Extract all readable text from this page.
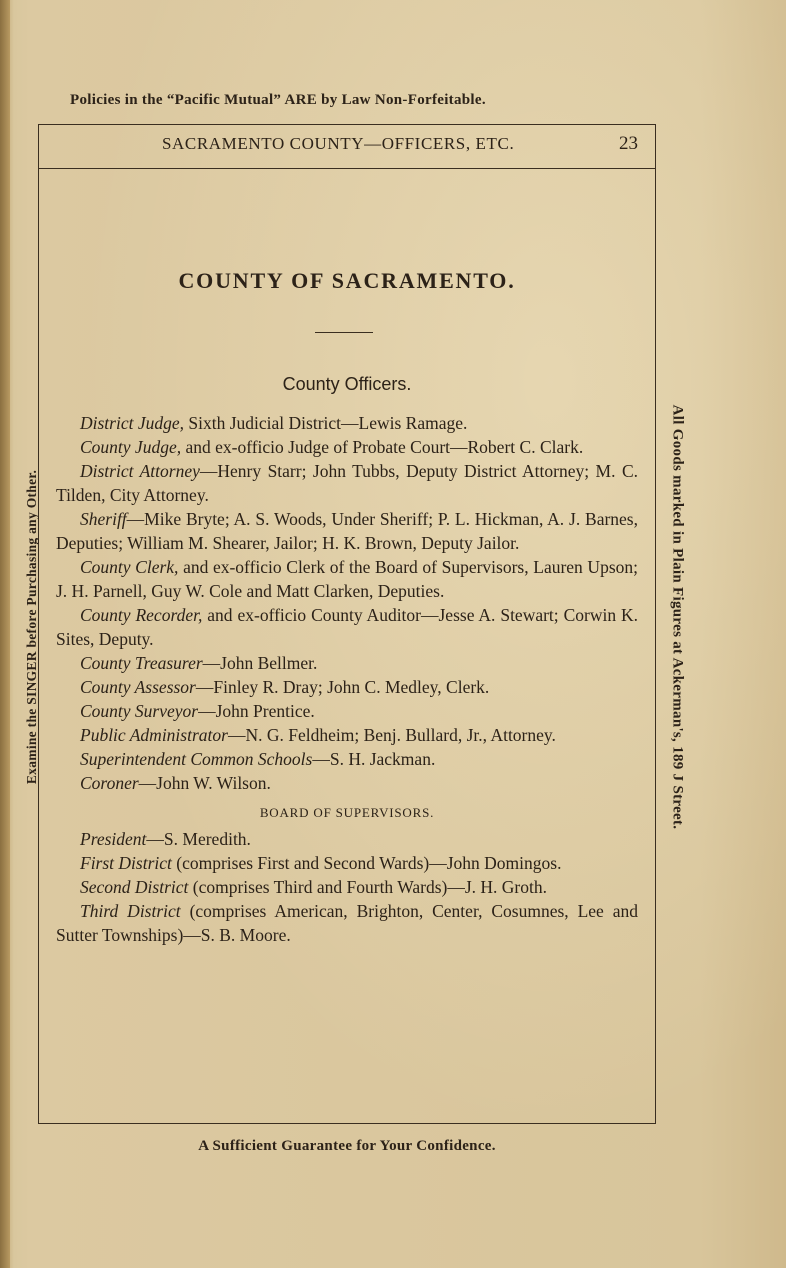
Policies in the “Pacific Mutual” ARE by Law Non-Forfeitable.
SACRAMENTO COUNTY—OFFICERS, ETC.	23
COUNTY OF SACRAMENTO.
County Officers.

District Judge, Sixth Judicial District—Lewis Ramage.

County Judge, and ex-officio Judge of Probate Court—Robert C. Clark.

District Attorney—Henry Starr; John Tubbs, Deputy District Attorney; M. C. Tilden, City Attorney.

Sheriff—Mike Bryte; A. S. Woods, Under Sheriff; P. L. Hickman, A. J. Barnes, Deputies; William M. Shearer, Jailor; H. K. Brown, Deputy Jailor.

County Clerk, and ex-officio Clerk of the Board of Supervisors, Lauren Upson; J. H. Parnell, Guy W. Cole and Matt Clarken, Deputies.

County Recorder, and ex-officio County Auditor—Jesse A. Stewart; Corwin K. Sites, Deputy.

County Treasurer—John Bellmer.

County Assessor—Finley R. Dray; John C. Medley, Clerk.

County Surveyor—John Prentice.

Public Administrator—N. G. Feldheim; Benj. Bullard, Jr., Attorney.

Superintendent Common Schools—S. H. Jackman.

Coroner—John W. Wilson.

BOARD OF SUPERVISORS.

President—S. Meredith.

First District (comprises First and Second Wards)—John Domingos.

Second District (comprises Third and Fourth Wards)—J. H. Groth.

Third District (comprises American, Brighton, Center, Cosumnes, Lee and Sutter Townships)—S. B. Moore.

A Sufficient Guarantee for Your Confidence.
Examine the SINGER before Purchasing any Other.	All Goods marked in Plain Figures at Ackerman's, 189 J Street.
